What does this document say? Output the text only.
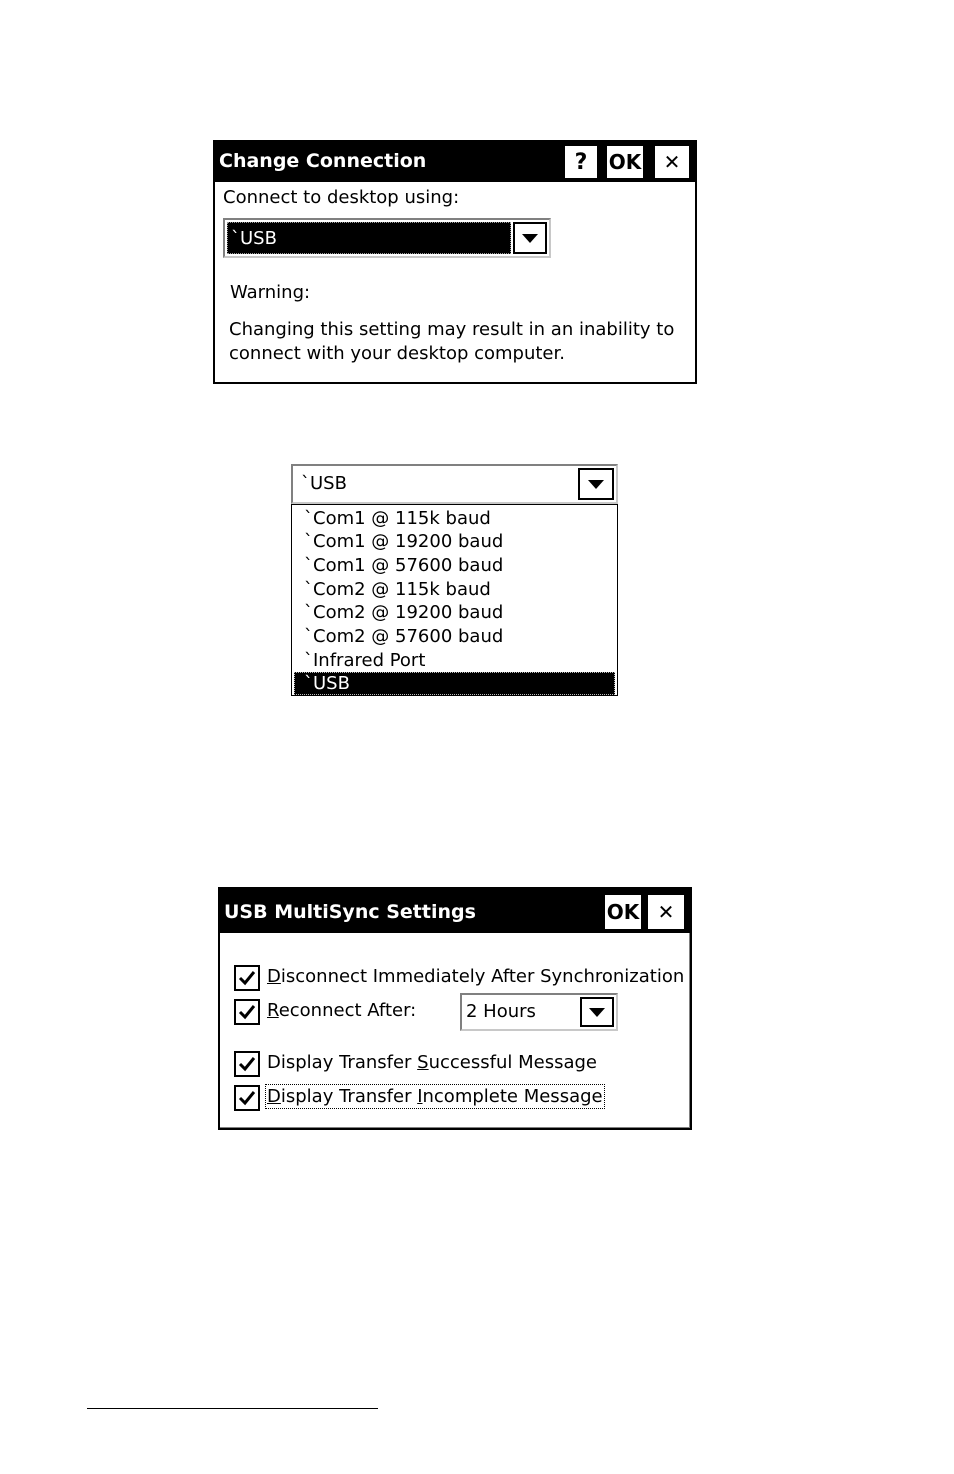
Change Connection	? OK ✕
Connect to desktop using:
`USB
Warning:
Changing this setting may result in an inability to
connect with your desktop computer.
`USB
`Com1 @ 115k baud
`Com1 @ 19200 baud
`Com1 @ 57600 baud
`Com2 @ 115k baud
`Com2 @ 19200 baud
`Com2 @ 57600 baud
`Infrared Port
`USB
USB MultiSync Settings	OK ✕
Disconnect Immediately After Synchronization
Reconnect After:	2 Hours
Display Transfer Successful Message
Display Transfer Incomplete Message
